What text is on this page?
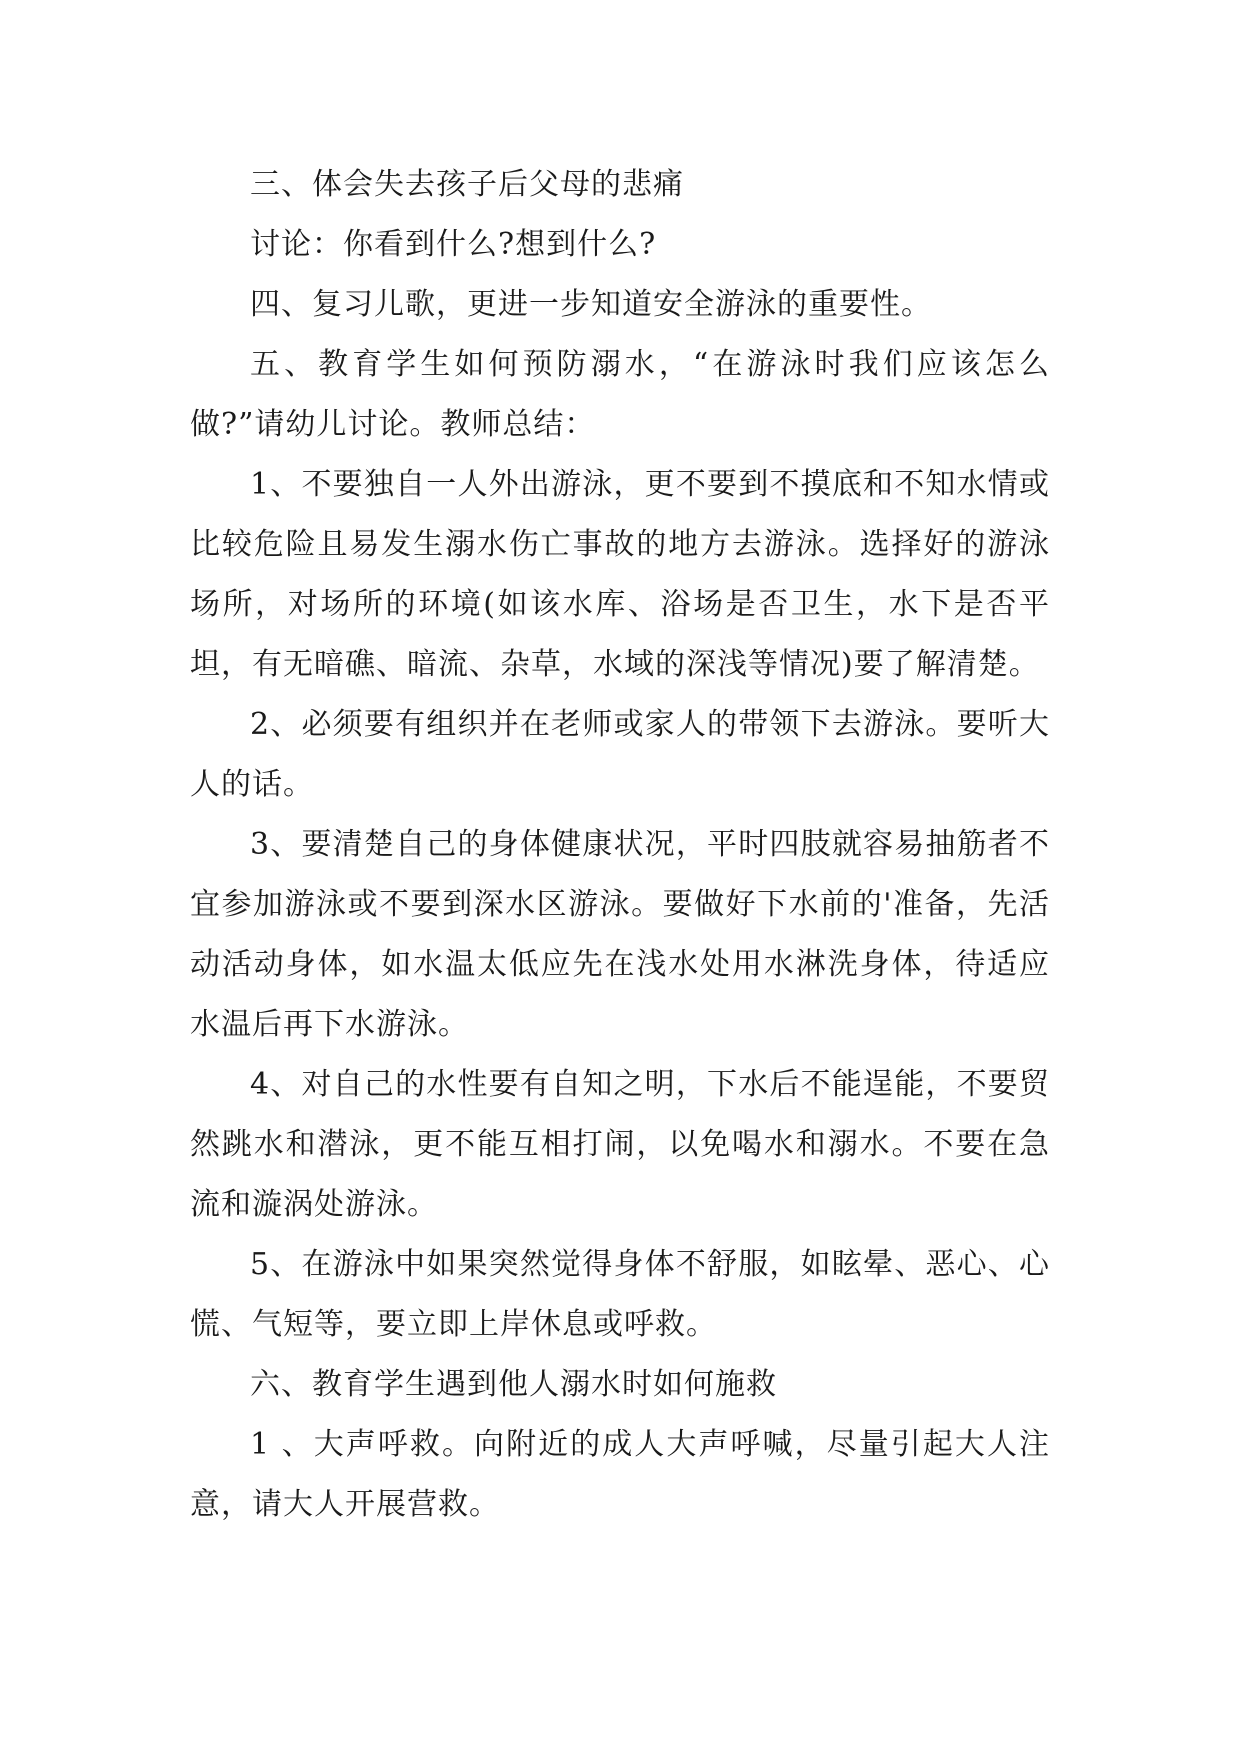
三、体会失去孩子后父母的悲痛

讨论：你看到什么?想到什么?

四、复习儿歌，更进一步知道安全游泳的重要性。

五、教育学生如何预防溺水，“在游泳时我们应该怎么做?”请幼儿讨论。教师总结：

1、不要独自一人外出游泳，更不要到不摸底和不知水情或比较危险且易发生溺水伤亡事故的地方去游泳。选择好的游泳场所，对场所的环境(如该水库、浴场是否卫生，水下是否平坦，有无暗礁、暗流、杂草，水域的深浅等情况)要了解清楚。

2、必须要有组织并在老师或家人的带领下去游泳。要听大人的话。

3、要清楚自己的身体健康状况，平时四肢就容易抽筋者不宜参加游泳或不要到深水区游泳。要做好下水前的'准备，先活动活动身体，如水温太低应先在浅水处用水淋洗身体，待适应水温后再下水游泳。

4、对自己的水性要有自知之明，下水后不能逞能，不要贸然跳水和潜泳，更不能互相打闹，以免喝水和溺水。不要在急流和漩涡处游泳。

5、在游泳中如果突然觉得身体不舒服，如眩晕、恶心、心慌、气短等，要立即上岸休息或呼救。

六、教育学生遇到他人溺水时如何施救

1 、大声呼救。向附近的成人大声呼喊，尽量引起大人注意，请大人开展营救。
